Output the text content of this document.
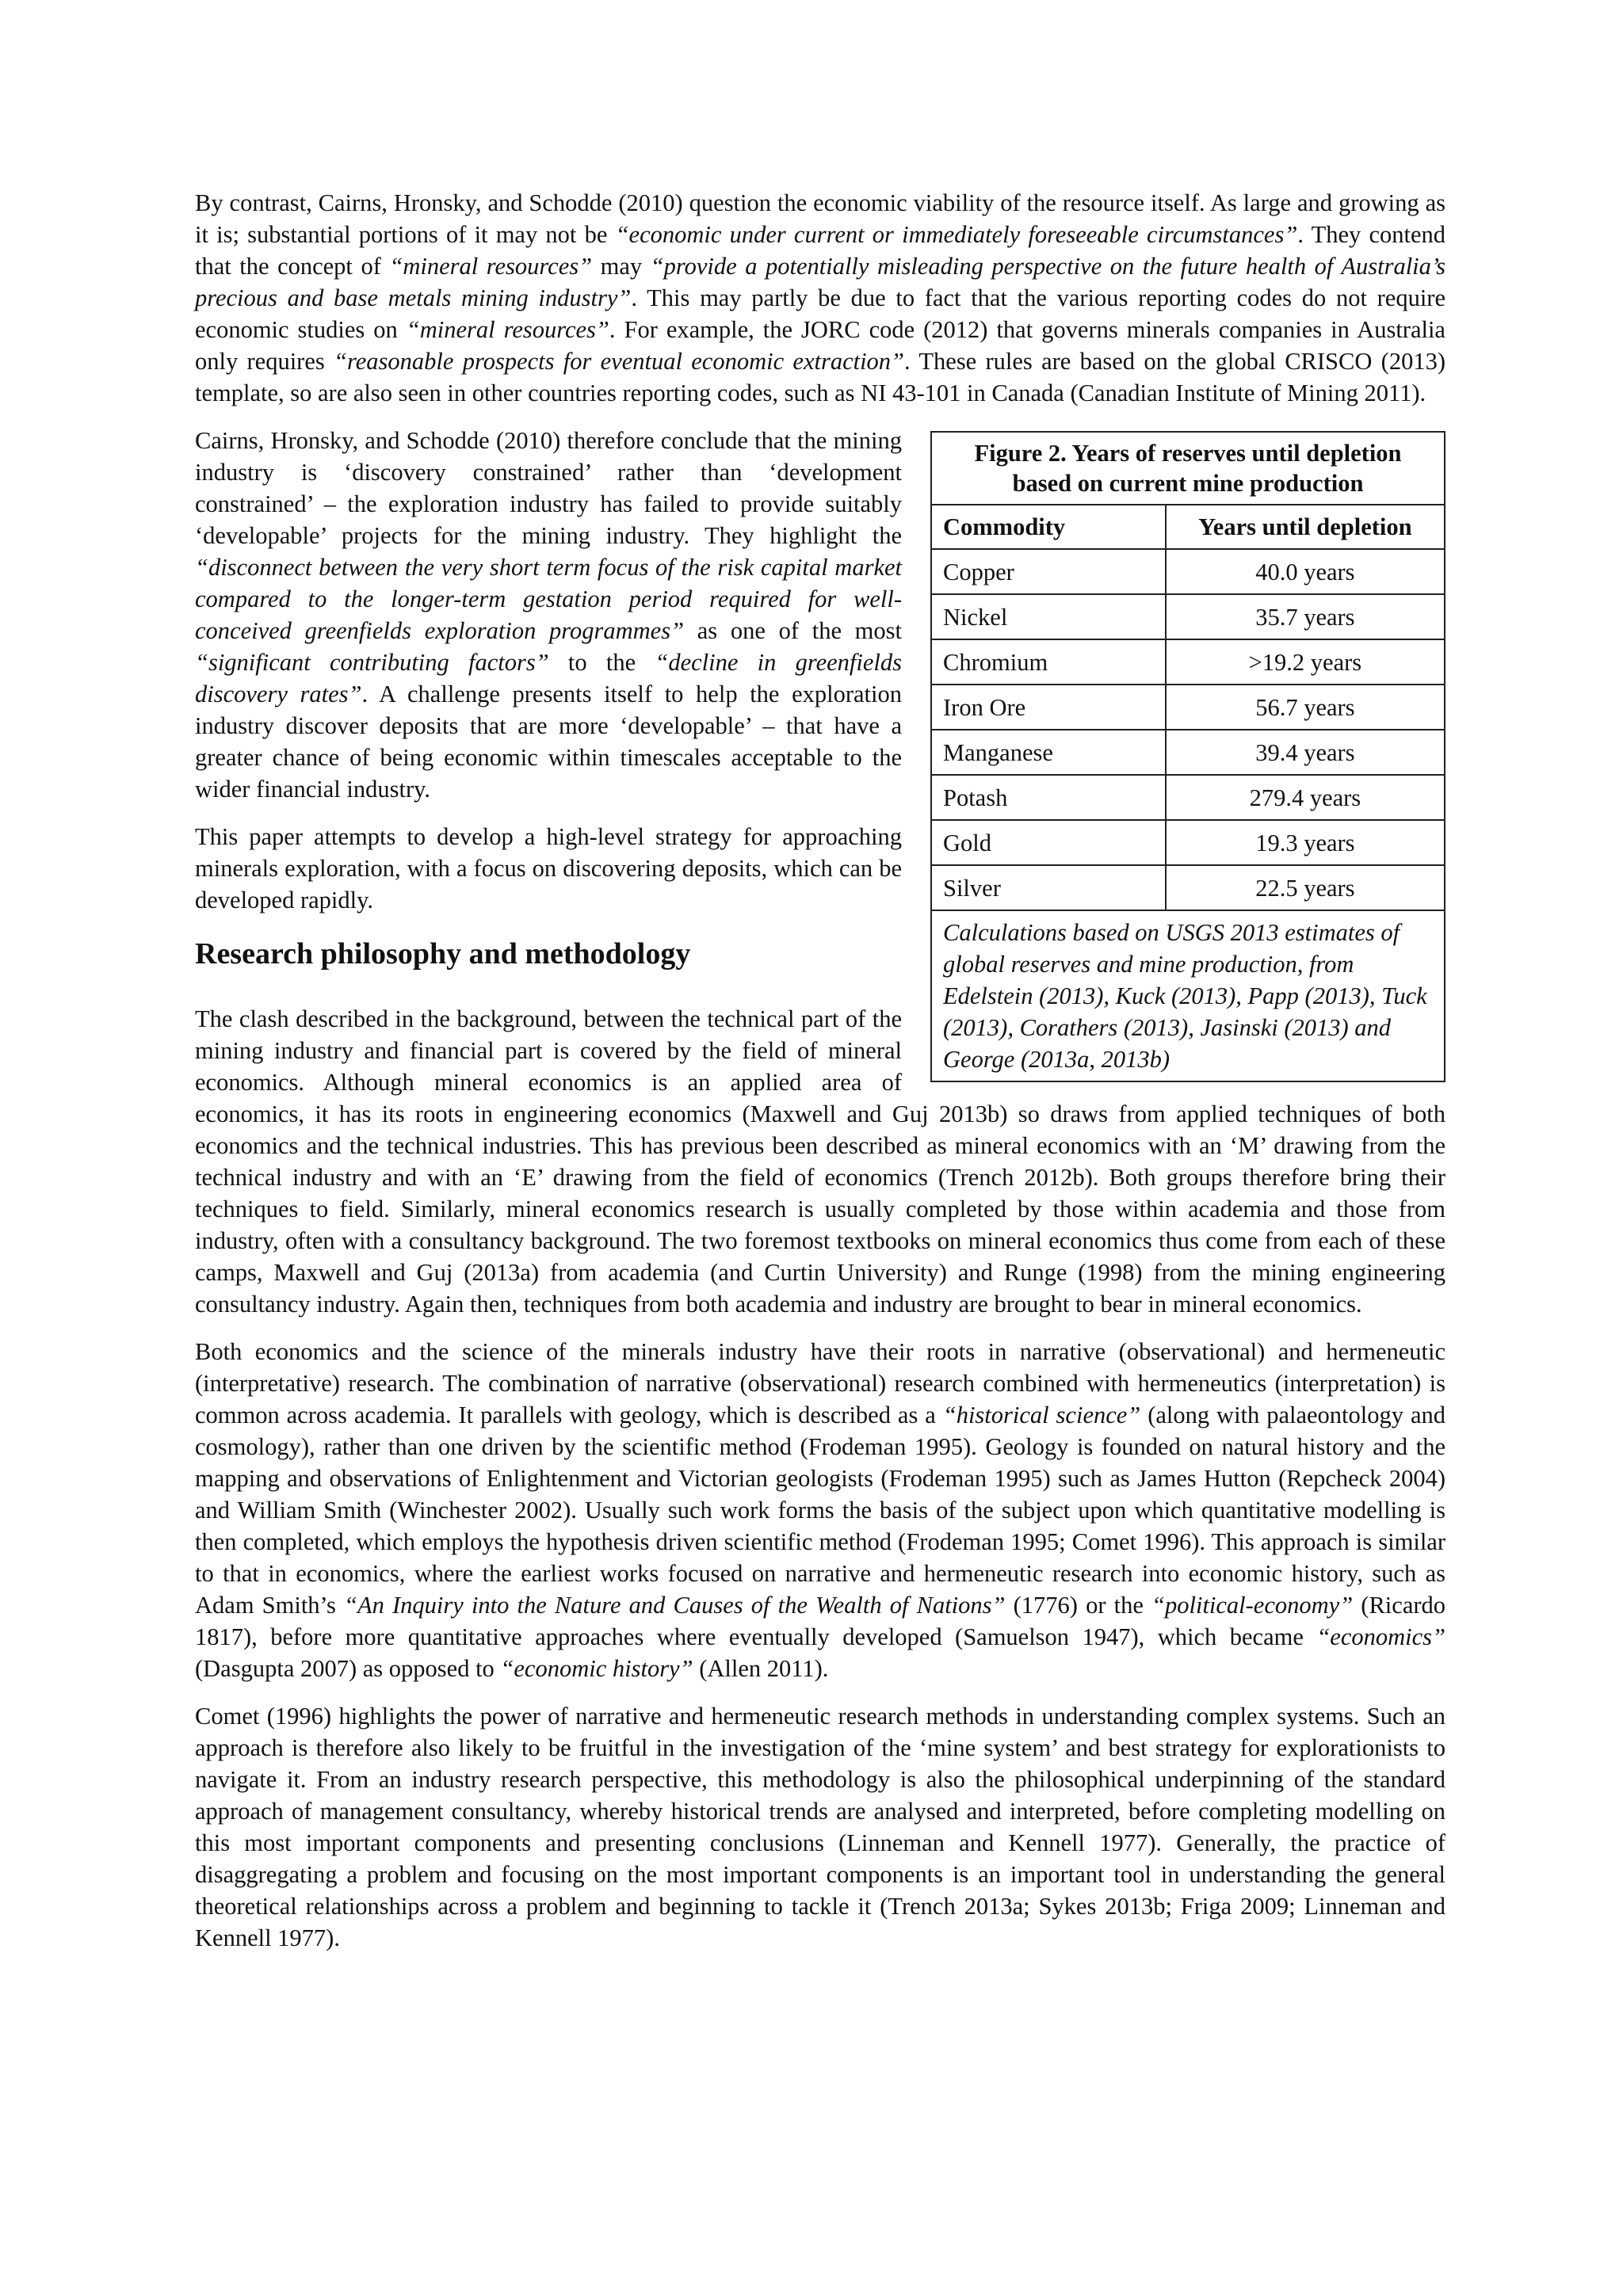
By contrast, Cairns, Hronsky, and Schodde (2010) question the economic viability of the resource itself. As large and growing as it is; substantial portions of it may not be “economic under current or immediately foreseeable circumstances”. They contend that the concept of “mineral resources” may “provide a potentially misleading perspective on the future health of Australia’s precious and base metals mining industry”. This may partly be due to fact that the various reporting codes do not require economic studies on “mineral resources”. For example, the JORC code (2012) that governs minerals companies in Australia only requires “reasonable prospects for eventual economic extraction”. These rules are based on the global CRISCO (2013) template, so are also seen in other countries reporting codes, such as NI 43-101 in Canada (Canadian Institute of Mining 2011).

Figure 2. Years of reserves until depletion based on current mine production	
Commodity	Years until depletion
Copper	40.0 years
Nickel	35.7 years
Chromium	>19.2 years
Iron Ore	56.7 years
Manganese	39.4 years
Potash	279.4 years
Gold	19.3 years
Silver	22.5 years
Calculations based on USGS 2013 estimates of global reserves and mine production, from Edelstein (2013), Kuck (2013), Papp (2013), Tuck (2013), Corathers (2013), Jasinski (2013) and George (2013a, 2013b)	

Cairns, Hronsky, and Schodde (2010) therefore conclude that the mining industry is ‘discovery constrained’ rather than ‘development constrained’ – the exploration industry has failed to provide suitably ‘developable’ projects for the mining industry. They highlight the “disconnect between the very short term focus of the risk capital market compared to the longer-term gestation period required for well-conceived greenfields exploration programmes” as one of the most “significant contributing factors” to the “decline in greenfields discovery rates”. A challenge presents itself to help the exploration industry discover deposits that are more ‘developable’ – that have a greater chance of being economic within timescales acceptable to the wider financial industry.

This paper attempts to develop a high-level strategy for approaching minerals exploration, with a focus on discovering deposits, which can be developed rapidly.

Research philosophy and methodology

The clash described in the background, between the technical part of the mining industry and financial part is covered by the field of mineral economics. Although mineral economics is an applied area of economics, it has its roots in engineering economics (Maxwell and Guj 2013b) so draws from applied techniques of both economics and the technical industries. This has previous been described as mineral economics with an ‘M’ drawing from the technical industry and with an ‘E’ drawing from the field of economics (Trench 2012b). Both groups therefore bring their techniques to field. Similarly, mineral economics research is usually completed by those within academia and those from industry, often with a consultancy background. The two foremost textbooks on mineral economics thus come from each of these camps, Maxwell and Guj (2013a) from academia (and Curtin University) and Runge (1998) from the mining engineering consultancy industry. Again then, techniques from both academia and industry are brought to bear in mineral economics.

Both economics and the science of the minerals industry have their roots in narrative (observational) and hermeneutic (interpretative) research. The combination of narrative (observational) research combined with hermeneutics (interpretation) is common across academia. It parallels with geology, which is described as a “historical science” (along with palaeontology and cosmology), rather than one driven by the scientific method (Frodeman 1995). Geology is founded on natural history and the mapping and observations of Enlightenment and Victorian geologists (Frodeman 1995) such as James Hutton (Repcheck 2004) and William Smith (Winchester 2002). Usually such work forms the basis of the subject upon which quantitative modelling is then completed, which employs the hypothesis driven scientific method (Frodeman 1995; Comet 1996). This approach is similar to that in economics, where the earliest works focused on narrative and hermeneutic research into economic history, such as Adam Smith’s “An Inquiry into the Nature and Causes of the Wealth of Nations” (1776) or the “political-economy” (Ricardo 1817), before more quantitative approaches where eventually developed (Samuelson 1947), which became “economics” (Dasgupta 2007) as opposed to “economic history” (Allen 2011).

Comet (1996) highlights the power of narrative and hermeneutic research methods in understanding complex systems. Such an approach is therefore also likely to be fruitful in the investigation of the ‘mine system’ and best strategy for explorationists to navigate it. From an industry research perspective, this methodology is also the philosophical underpinning of the standard approach of management consultancy, whereby historical trends are analysed and interpreted, before completing modelling on this most important components and presenting conclusions (Linneman and Kennell 1977). Generally, the practice of disaggregating a problem and focusing on the most important components is an important tool in understanding the general theoretical relationships across a problem and beginning to tackle it (Trench 2013a; Sykes 2013b; Friga 2009; Linneman and Kennell 1977).
